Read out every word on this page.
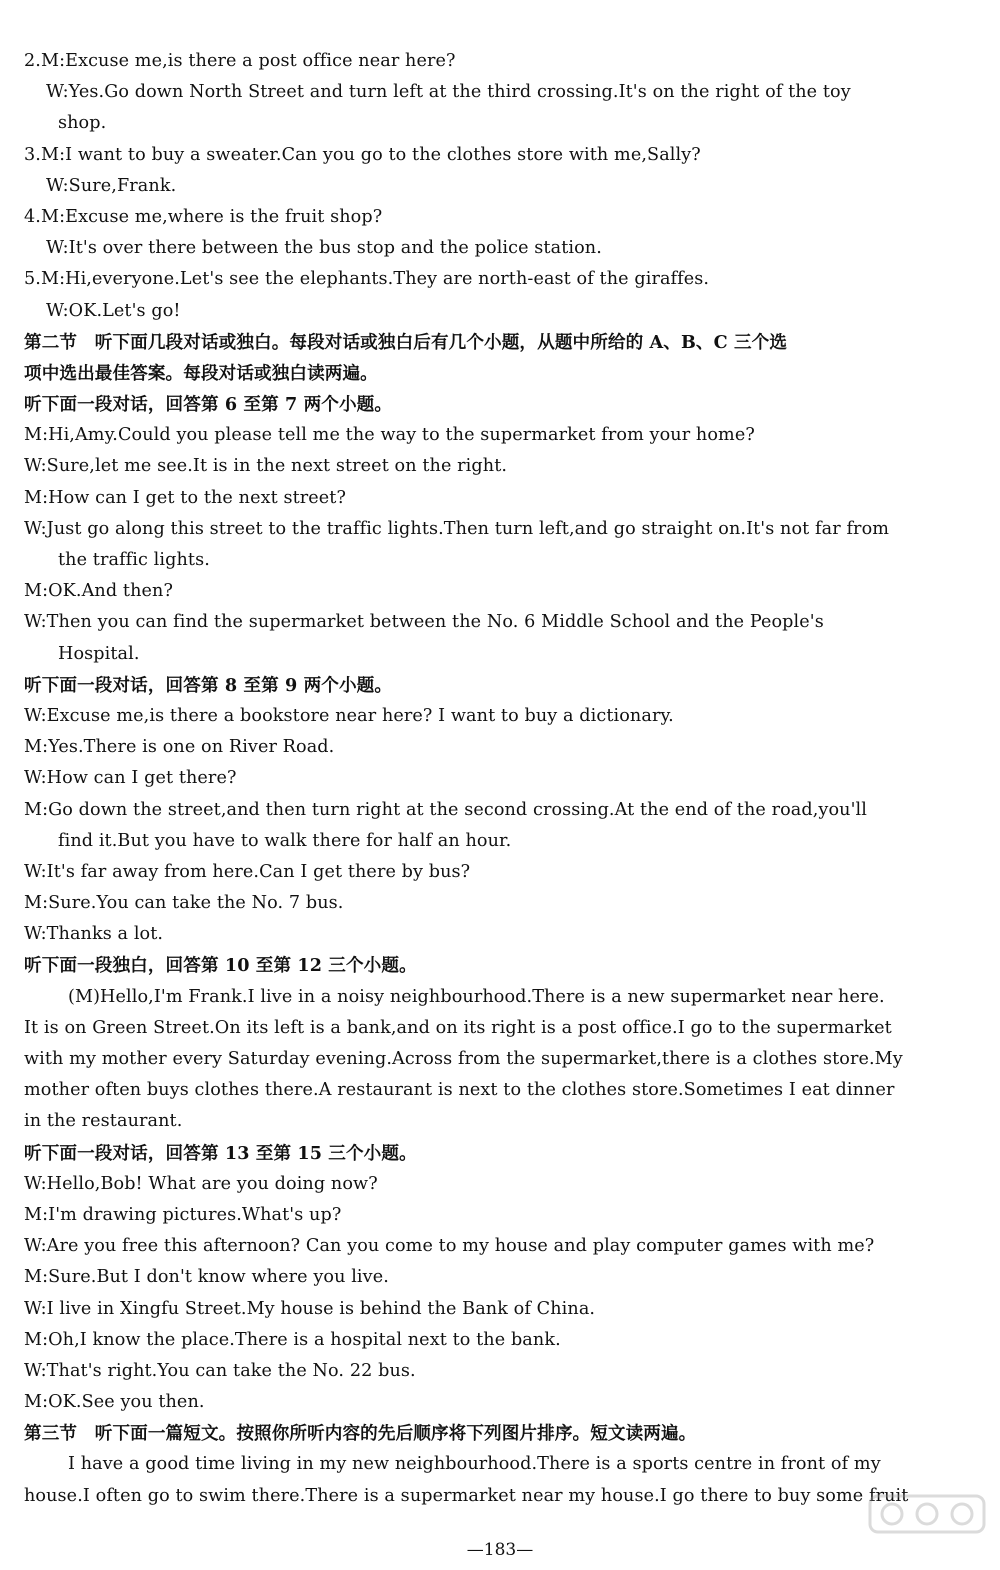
2.M:Excuse me,is there a post office near here?
W:Yes.Go down North Street and turn left at the third crossing.It's on the right of the toy
shop.
3.M:I want to buy a sweater.Can you go to the clothes store with me,Sally?
W:Sure,Frank.
4.M:Excuse me,where is the fruit shop?
W:It's over there between the bus stop and the police station.
5.M:Hi,everyone.Let's see the elephants.They are north-east of the giraffes.
W:OK.Let's go!
第二节　听下面几段对话或独白。每段对话或独白后有几个小题，从题中所给的 A、B、C 三个选
项中选出最佳答案。每段对话或独白读两遍。
听下面一段对话，回答第 6 至第 7 两个小题。
M:Hi,Amy.Could you please tell me the way to the supermarket from your home?
W:Sure,let me see.It is in the next street on the right.
M:How can I get to the next street?
W:Just go along this street to the traffic lights.Then turn left,and go straight on.It's not far from
the traffic lights.
M:OK.And then?
W:Then you can find the supermarket between the No. 6 Middle School and the People's
Hospital.
听下面一段对话，回答第 8 至第 9 两个小题。
W:Excuse me,is there a bookstore near here? I want to buy a dictionary.
M:Yes.There is one on River Road.
W:How can I get there?
M:Go down the street,and then turn right at the second crossing.At the end of the road,you'll
find it.But you have to walk there for half an hour.
W:It's far away from here.Can I get there by bus?
M:Sure.You can take the No. 7 bus.
W:Thanks a lot.
听下面一段独白，回答第 10 至第 12 三个小题。
(M)Hello,I'm Frank.I live in a noisy neighbourhood.There is a new supermarket near here.
It is on Green Street.On its left is a bank,and on its right is a post office.I go to the supermarket
with my mother every Saturday evening.Across from the supermarket,there is a clothes store.My
mother often buys clothes there.A restaurant is next to the clothes store.Sometimes I eat dinner
in the restaurant.
听下面一段对话，回答第 13 至第 15 三个小题。
W:Hello,Bob! What are you doing now?
M:I'm drawing pictures.What's up?
W:Are you free this afternoon? Can you come to my house and play computer games with me?
M:Sure.But I don't know where you live.
W:I live in Xingfu Street.My house is behind the Bank of China.
M:Oh,I know the place.There is a hospital next to the bank.
W:That's right.You can take the No. 22 bus.
M:OK.See you then.
第三节　听下面一篇短文。按照你所听内容的先后顺序将下列图片排序。短文读两遍。
I have a good time living in my new neighbourhood.There is a sports centre in front of my
house.I often go to swim there.There is a supermarket near my house.I go there to buy some fruit
—183—
